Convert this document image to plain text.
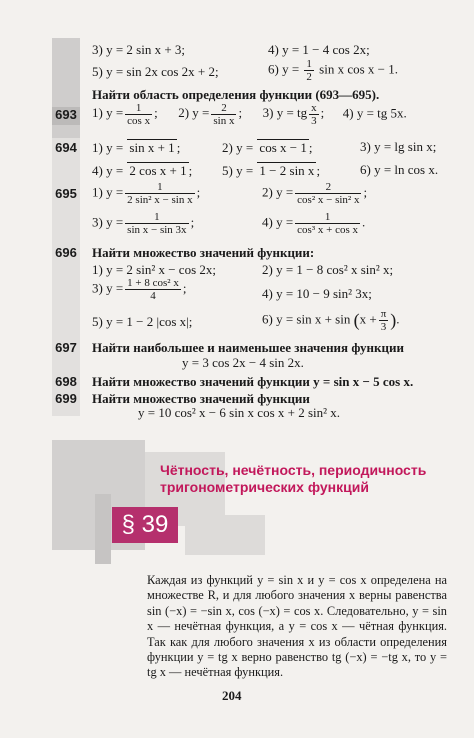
3) y = 2 sin x + 3;	4) y = 1 − 4 cos 2x;
5) y = sin 2x cos 2x + 2;	6) $y = \frac{1}{2}$ sin x cos x − 1.
Найти область определения функции (693—695).
693 1) $y = \frac{1}{\text{cos x}}$ ; 2) $y = \frac{2}{\text{sin x}}$ ; 3) y = tg $\frac{x}{3}$ ; 4) y = tg 5x.
694 1) y = sin x + 1 ;	2) y = cos x − 1 ;	3) y = lg sin x;
4) y = 2 cos x + 1 ; 5) y = 1 − 2 sin x ;	6) y = ln cos x.
695 1) $y = \frac{1}{\text{2 sin² x − sin x}}$ ;	2) $y = \frac{2}{\text{cos² x − sin² x}}$ ;
3) $y = \frac{1}{\text{sin x − sin 3x}}$ ;	4) $y = \frac{1}{\text{cos³ x + cos x}}$ .
696 Найти множество значений функции:
1) y = 2 sin² x − cos 2x;	2) y = 1 − 8 cos² x sin² x;
3) $y = \frac{\text{1 + 8 cos² x}}{4}$ ;	4) y = 10 − 9 sin² 3x;
5) y = 1 − 2 |cos x|;	6) $y = \sin x + \sin (x + \frac{\pi}{3}$ ).
697 Найти наибольшее и наименьшее значения функции
y = 3 cos 2x − 4 sin 2x.
698 Найти множество значений функции y = sin x − 5 cos x.
699 Найти множество значений функции
y = 10 cos² x − 6 sin x cos x + 2 sin² x.
Чётность, нечётность, периодичность
тригонометрических функций
§ 39
Каждая из функций y = sin x и y = cos x определена на множестве R, и для любого значения x верны равенства sin (−x) = −sin x, cos (−x) = cos x. Следовательно, y = sin x — нечётная функция, а y = cos x — чётная функция. Так как для любого значения x из области определения функции y = tg x верно равенство tg (−x) = −tg x, то y = tg x — нечётная функция.
204
